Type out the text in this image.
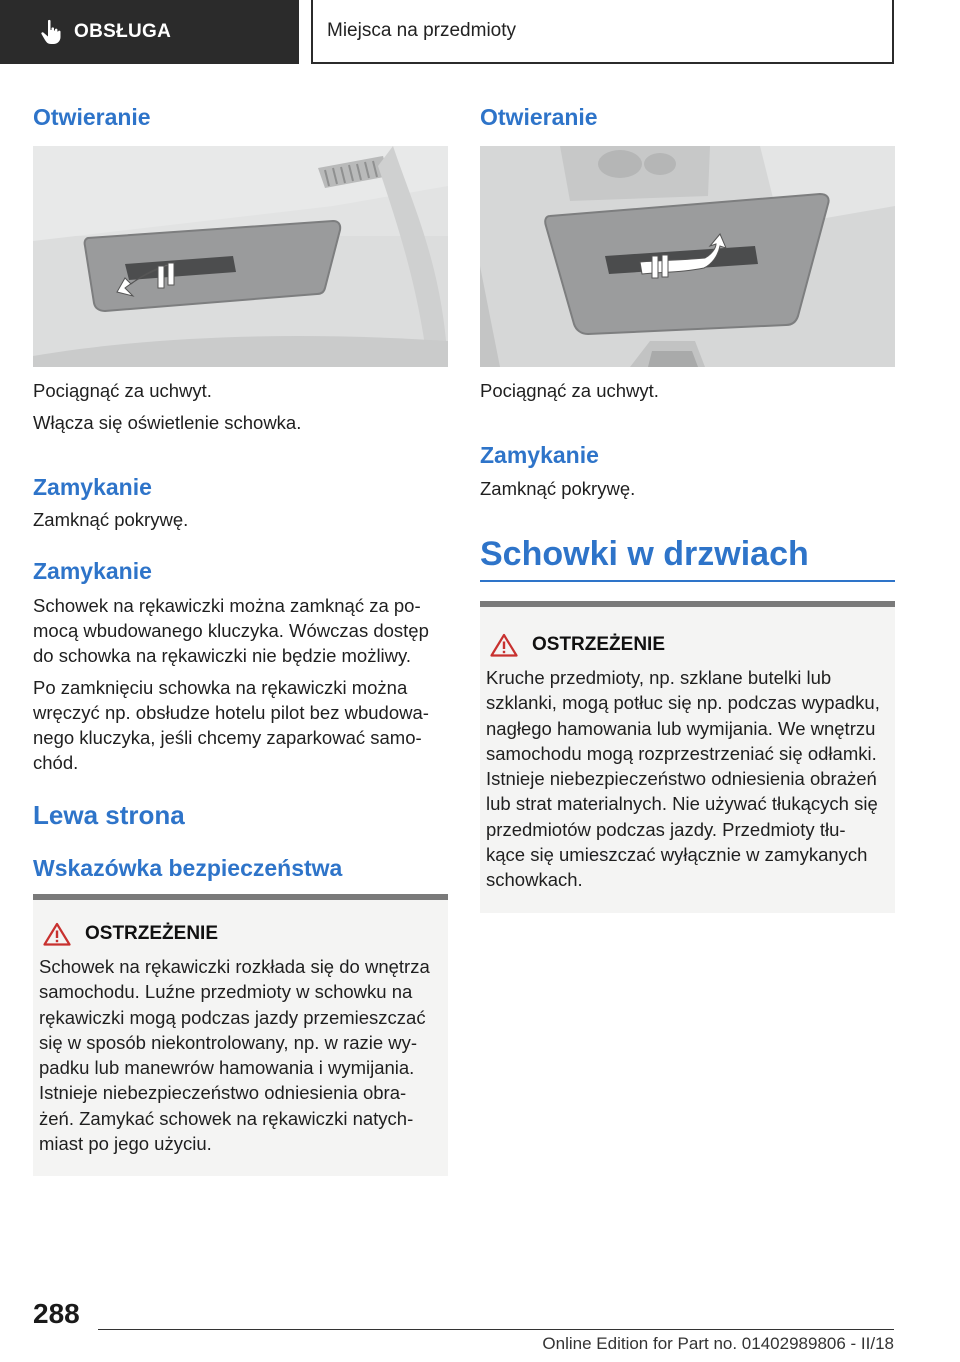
OBSŁUGA	Miejsca na przedmioty
Otwieranie
Pociągnąć za uchwyt.
Włącza się oświetlenie schowka.
Zamykanie
Zamknąć pokrywę.
Zamykanie
Schowek na rękawiczki można zamknąć za po-
mocą wbudowanego kluczyka. Wówczas dostęp
do schowka na rękawiczki nie będzie możliwy.
Po zamknięciu schowka na rękawiczki można
wręczyć np. obsłudze hotelu pilot bez wbudowa-
nego kluczyka, jeśli chcemy zaparkować samo-
chód.
Lewa strona
Wskazówka bezpieczeństwa
OSTRZEŻENIE
Schowek na rękawiczki rozkłada się do wnętrza
samochodu. Luźne przedmioty w schowku na
rękawiczki mogą podczas jazdy przemieszczać
się w sposób niekontrolowany, np. w razie wy-
padku lub manewrów hamowania i wymijania.
Istnieje niebezpieczeństwo odniesienia obra-
żeń. Zamykać schowek na rękawiczki natych-
miast po jego użyciu.
Otwieranie
Pociągnąć za uchwyt.
Zamykanie
Zamknąć pokrywę.
Schowki w drzwiach
OSTRZEŻENIE
Kruche przedmioty, np. szklane butelki lub
szklanki, mogą potłuc się np. podczas wypadku,
nagłego hamowania lub wymijania. We wnętrzu
samochodu mogą rozprzestrzeniać się odłamki.
Istnieje niebezpieczeństwo odniesienia obrażeń
lub strat materialnych. Nie używać tłukących się
przedmiotów podczas jazdy. Przedmioty tłu-
kące się umieszczać wyłącznie w zamykanych
schowkach.
288
Online Edition for Part no. 01402989806 - II/18
